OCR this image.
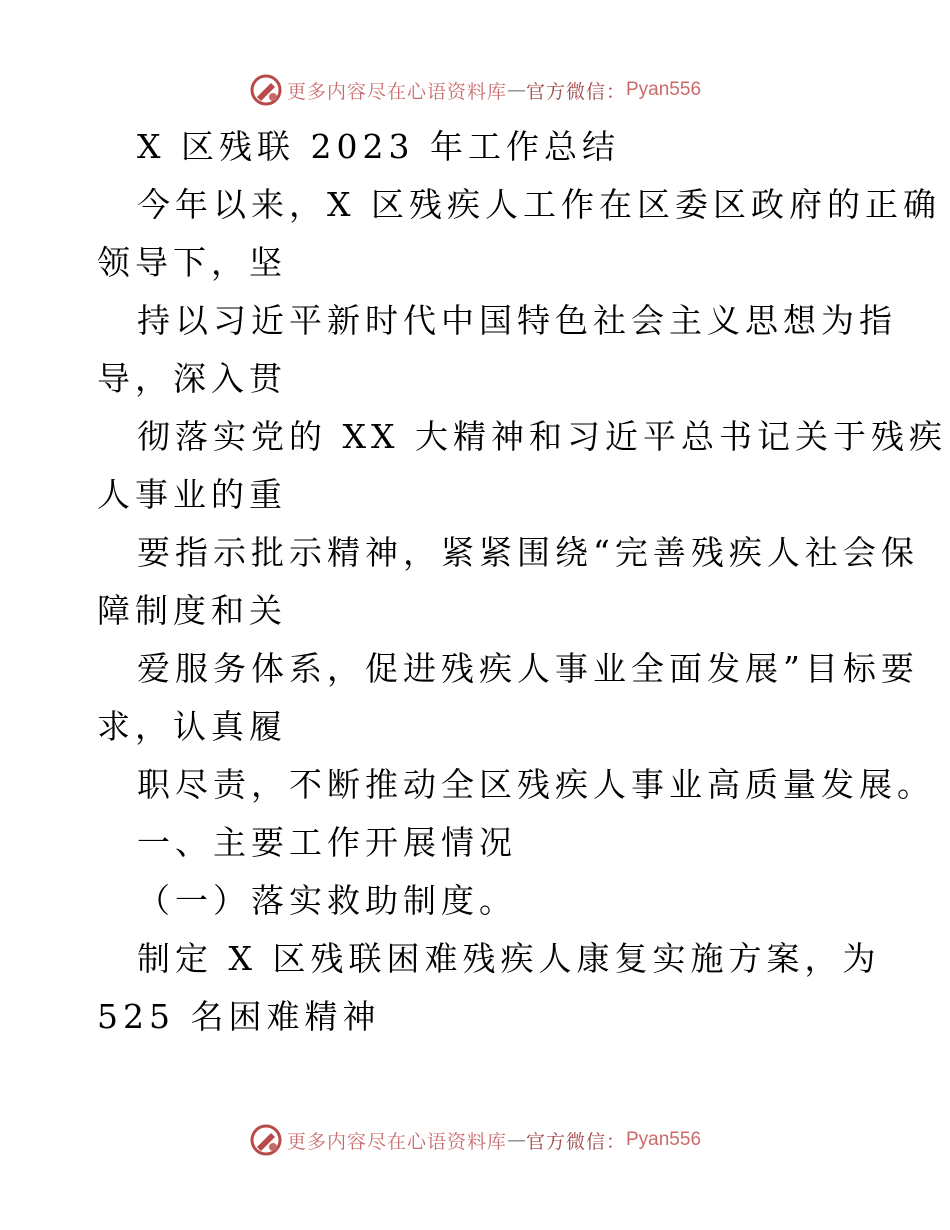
更多内容尽在心语资料库 — 官方微信： Pyan556
X 区残联 2023 年工作总结
今年以来，X 区残疾人工作在区委区政府的正确
领导下，坚
持以习近平新时代中国特色社会主义思想为指
导，深入贯
彻落实党的 XX 大精神和习近平总书记关于残疾
人事业的重
要指示批示精神，紧紧围绕“完善残疾人社会保
障制度和关
爱服务体系，促进残疾人事业全面发展”目标要
求，认真履
职尽责，不断推动全区残疾人事业高质量发展。
一、主要工作开展情况
（一）落实救助制度。
制定 X 区残联困难残疾人康复实施方案，为
525 名困难精神
更多内容尽在心语资料库 — 官方微信： Pyan556
